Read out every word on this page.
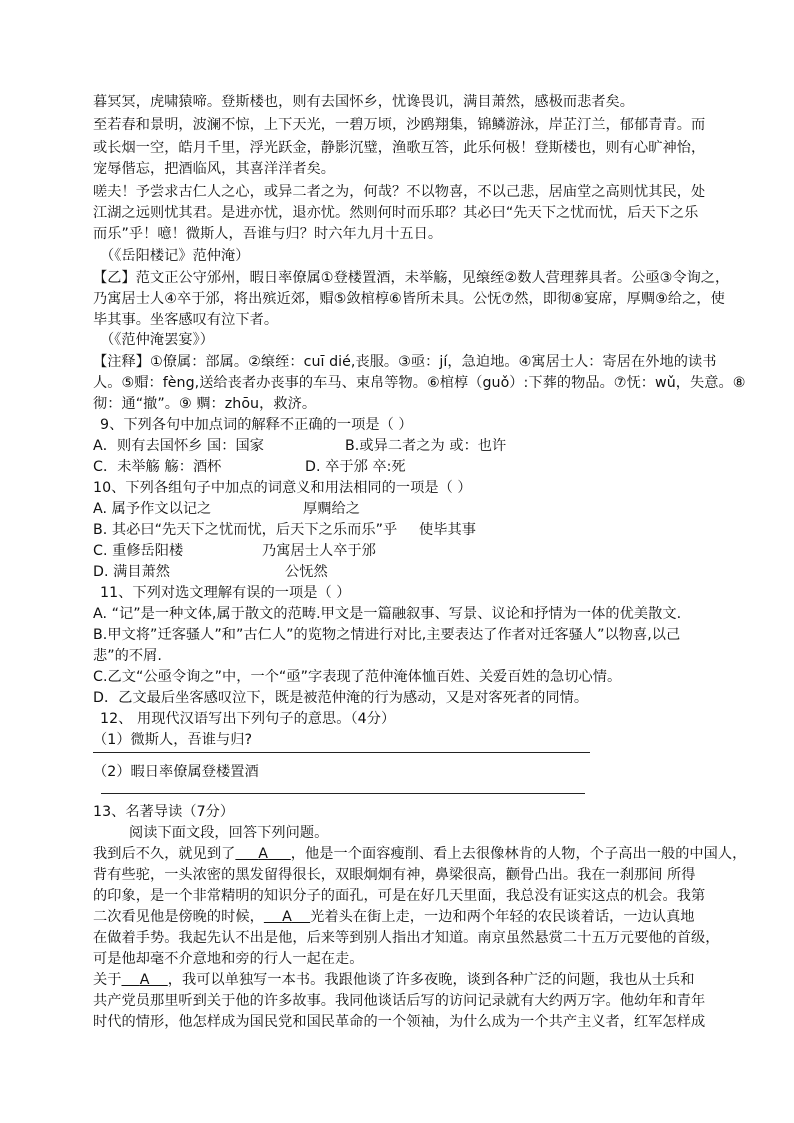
暮冥冥，虎啸猿啼。登斯楼也，则有去国怀乡，忧谗畏讥，满目萧然，感极而悲者矣。
至若春和景明，波澜不惊，上下天光，一碧万顷，沙鸥翔集，锦鳞游泳，岸芷汀兰，郁郁青青。而
或长烟一空，皓月千里，浮光跃金，静影沉璧，渔歌互答，此乐何极！登斯楼也，则有心旷神怡，
宠辱偕忘，把酒临风，其喜洋洋者矣。
嗟夫！予尝求古仁人之心，或异二者之为，何哉？不以物喜，不以己悲，居庙堂之高则忧其民，处
江湖之远则忧其君。是进亦忧，退亦忧。然则何时而乐耶？其必曰“先天下之忧而忧，后天下之乐
而乐”乎！噫！微斯人，吾谁与归？时六年九月十五日。
（《岳阳楼记》范仲淹）
【乙】范文正公守邠州，暇日率僚属①登楼置酒，未举觞，见缞绖②数人营理葬具者。公亟③令询之，
乃寓居士人④卒于邠，将出殡近郊，赗⑤敛棺椁⑥皆所未具。公怃⑦然，即彻⑧宴席，厚赒⑨给之，使
毕其事。坐客感叹有泣下者。
（《范仲淹罢宴》）
【注释】①僚属：部属。②缞绖：cuī dié,丧服。③亟：jí，急迫地。④寓居士人：寄居在外地的读书
人。⑤赗：fèng,送给丧者办丧事的车马、束帛等物。⑥棺椁（guǒ）:下葬的物品。⑦怃：wǔ，失意。⑧
彻：通“撤”。⑨ 赒：zhōu，救济。
9、下列各句中加点词的解释不正确的一项是（ ）
A．则有去国怀乡 国：国家	B.或异二者之为 或：也许
C．未举觞 觞：酒杯	D. 卒于邠 卒:死
10、下列各组句子中加点的词意义和用法相同的一项是（ ）
A. 属予作文以记之	厚赒给之
B. 其必曰“先天下之忧而忧，后天下之乐而乐”乎 使毕其事
C. 重修岳阳楼	乃寓居士人卒于邠
D. 满目萧然	公怃然
11、下列对选文理解有误的一项是（ ）
A. “记”是一种文体,属于散文的范畴.甲文是一篇融叙事、写景、议论和抒情为一体的优美散文.
B.甲文将”迁客骚人”和”古仁人”的览物之情进行对比,主要表达了作者对迁客骚人”以物喜,以己
悲”的不屑.
C.乙文“公亟令询之”中，一个“亟”字表现了范仲淹体恤百姓、关爱百姓的急切心情。
D．乙文最后坐客感叹泣下，既是被范仲淹的行为感动，又是对客死者的同情。
12、 用现代汉语写出下列句子的意思。（4分）
（1）微斯人，吾谁与归?
（2）暇日率僚属登楼置酒
13、名著导读（7分）
阅读下面文段，回答下列问题。
我到后不久，就见到了 A ，他是一个面容瘦削、看上去很像林肯的人物，个子高出一般的中国人，
背有些驼，一头浓密的黑发留得很长，双眼炯炯有神，鼻梁很高，颧骨凸出。我在一刹那间 所得
的印象，是一个非常精明的知识分子的面孔，可是在好几天里面，我总没有证实这点的机会。我第
二次看见他是傍晚的时候， A 光着头在街上走，一边和两个年轻的农民谈着话，一边认真地
在做着手势。我起先认不出是他，后来等到别人指出才知道。南京虽然悬赏二十五万元要他的首级，
可是他却毫不介意地和旁的行人一起在走。
关于 A ，我可以单独写一本书。我跟他谈了许多夜晚，谈到各种广泛的问题，我也从士兵和
共产党员那里听到关于他的许多故事。我同他谈话后写的访问记录就有大约两万字。他幼年和青年
时代的情形，他怎样成为国民党和国民革命的一个领袖，为什么成为一个共产主义者，红军怎样成
